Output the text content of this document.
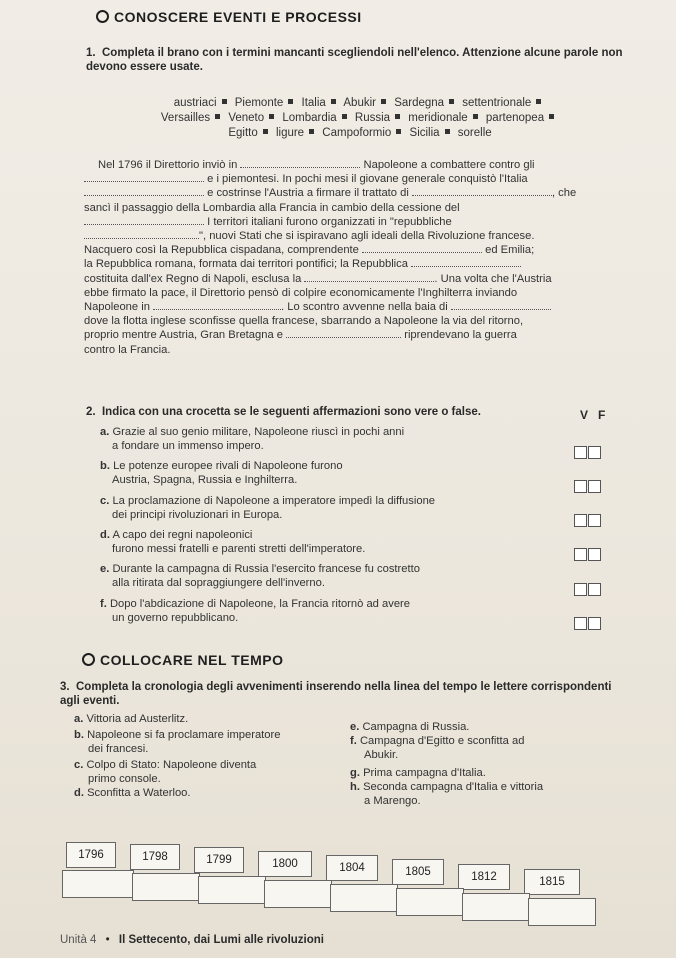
CONOSCERE EVENTI E PROCESSI
1. Completa il brano con i termini mancanti scegliendoli nell'elenco. Attenzione alcune parole non devono essere usate.
austriaci Piemonte Italia Abukir Sardegna settentrionale
Versailles Veneto Lombardia Russia meridionale partenopea
Egitto ligure Campoformio Sicilia sorelle
Nel 1796 il Direttorio inviò in	Napoleone a combattere contro gli
e i piemontesi. In pochi mesi il giovane generale conquistò l'Italia
e costrinse l'Austria a firmare il trattato di	, che
sancì il passaggio della Lombardia alla Francia in cambio della cessione del
I territori italiani furono organizzati in "repubbliche
", nuovi Stati che si ispiravano agli ideali della Rivoluzione francese.
Nacquero così la Repubblica cispadana, comprendente	ed Emilia;
la Repubblica romana, formata dai territori pontifici; la Repubblica
costituita dall'ex Regno di Napoli, esclusa la	. Una volta che l'Austria
ebbe firmato la pace, il Direttorio pensò di colpire economicamente l'Inghilterra inviando
Napoleone in	. Lo scontro avvenne nella baia di
dove la flotta inglese sconfisse quella francese, sbarrando a Napoleone la via del ritorno,
proprio mentre Austria, Gran Bretagna e	riprendevano la guerra
contro la Francia.
2. Indica con una crocetta se le seguenti affermazioni sono vere o false.	V F
a. Grazie al suo genio militare, Napoleone riuscì in pochi anni
a fondare un immenso impero.
b. Le potenze europee rivali di Napoleone furono
Austria, Spagna, Russia e Inghilterra.
c. La proclamazione di Napoleone a imperatore impedì la diffusione
dei principi rivoluzionari in Europa.
d. A capo dei regni napoleonici
furono messi fratelli e parenti stretti dell'imperatore.
e. Durante la campagna di Russia l'esercito francese fu costretto
alla ritirata dal sopraggiungere dell'inverno.
f. Dopo l'abdicazione di Napoleone, la Francia ritornò ad avere
un governo repubblicano.
COLLOCARE NEL TEMPO
3. Completa la cronologia degli avvenimenti inserendo nella linea del tempo le lettere corrispondenti agli eventi.
a. Vittoria ad Austerlitz.
b. Napoleone si fa proclamare imperatore
dei francesi.
c. Colpo di Stato: Napoleone diventa
primo console.
d. Sconfitta a Waterloo.
e. Campagna di Russia.
f. Campagna d'Egitto e sconfitta ad
Abukir.
g. Prima campagna d'Italia.
h. Seconda campagna d'Italia e vittoria
a Marengo.
1796	1798	1799	1800	1804	1805	1812	1815
Unità 4 • Il Settecento, dai Lumi alle rivoluzioni
